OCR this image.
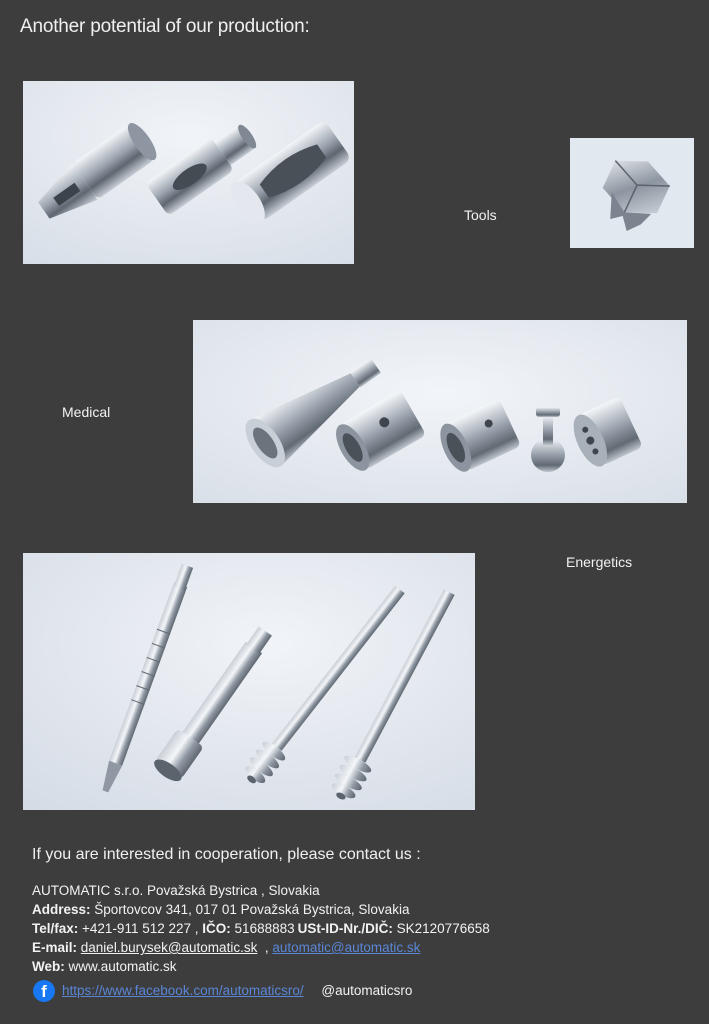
Another potential of our production:
Tools
Medical
Energetics
If you are interested in cooperation, please contact us :
AUTOMATIC s.r.o. Považská Bystrica , Slovakia
Address: Športovcov 341, 017 01 Považská Bystrica, Slovakia
Tel/fax: +421-911 512 227 , IČO: 51688883 USt-ID-Nr./DIČ: SK2120776658
E-mail: daniel.burysek@automatic.sk , automatic@automatic.sk
Web: www.automatic.sk
f	https://www.facebook.com/automaticsro/ @automaticsro
